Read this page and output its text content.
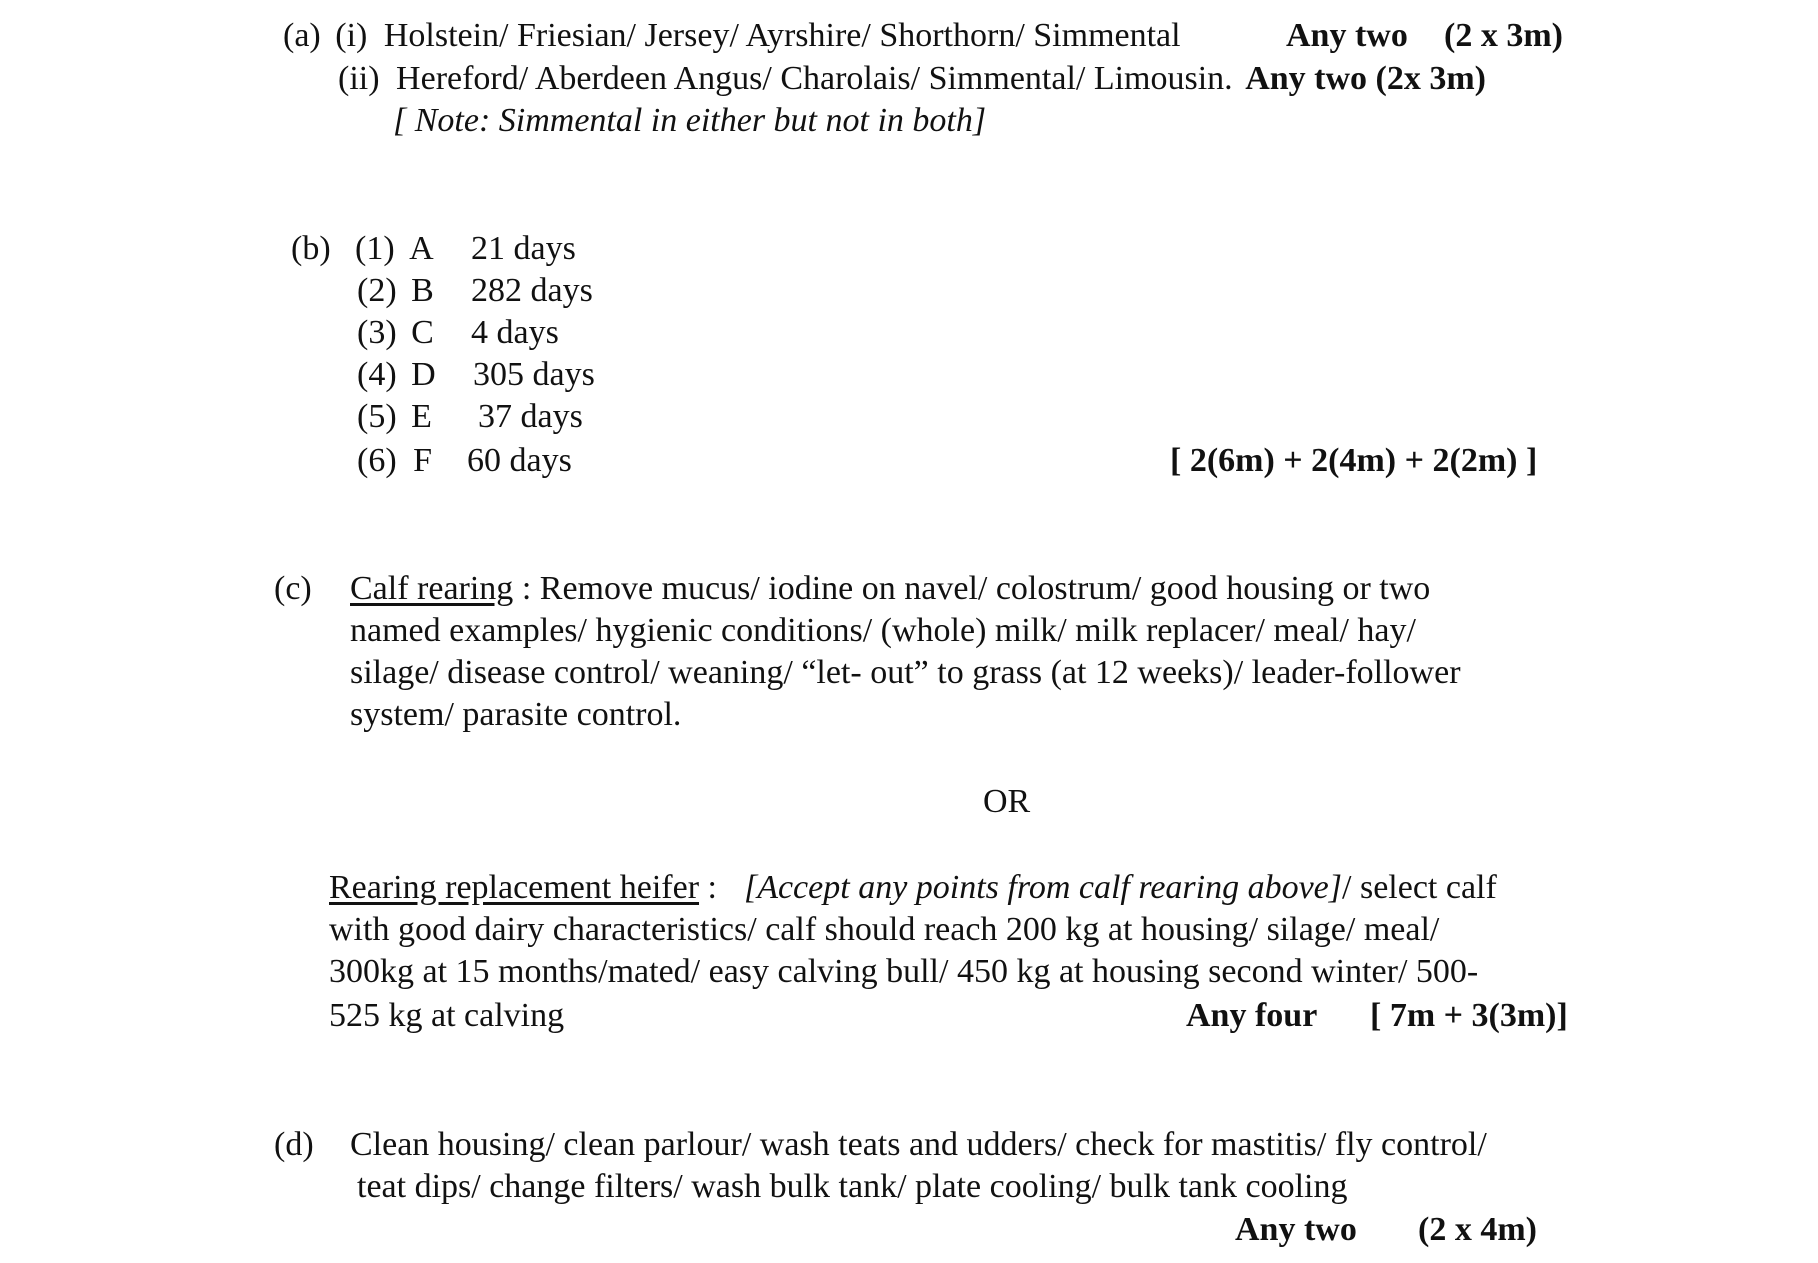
(a) (i) Holstein/ Friesian/ Jersey/ Ayrshire/ Shorthorn/ Simmental	Any two (2 x 3m)
(ii) Hereford/ Aberdeen Angus/ Charolais/ Simmental/ Limousin. Any two (2x 3m)
[ Note: Simmental in either but not in both]
(b) (1) A 21 days
(2) B 282 days
(3) C 4 days
(4) D 305 days
(5) E 37 days
(6) F 60 days	[ 2(6m) + 2(4m) + 2(2m) ]
(c) Calf rearing : Remove mucus/ iodine on navel/ colostrum/ good housing or two
named examples/ hygienic conditions/ (whole) milk/ milk replacer/ meal/ hay/
silage/ disease control/ weaning/ “let- out” to grass (at 12 weeks)/ leader-follower
system/ parasite control.
OR
Rearing replacement heifer :  [Accept any points from calf rearing above]/ select calf
with good dairy characteristics/ calf should reach 200 kg at housing/ silage/ meal/
300kg at 15 months/mated/ easy calving bull/ 450 kg at housing second winter/ 500-
525 kg at calving	Any four [ 7m + 3(3m)]
(d) Clean housing/ clean parlour/ wash teats and udders/ check for mastitis/ fly control/
teat dips/ change filters/ wash bulk tank/ plate cooling/ bulk tank cooling
Any two (2 x 4m)
